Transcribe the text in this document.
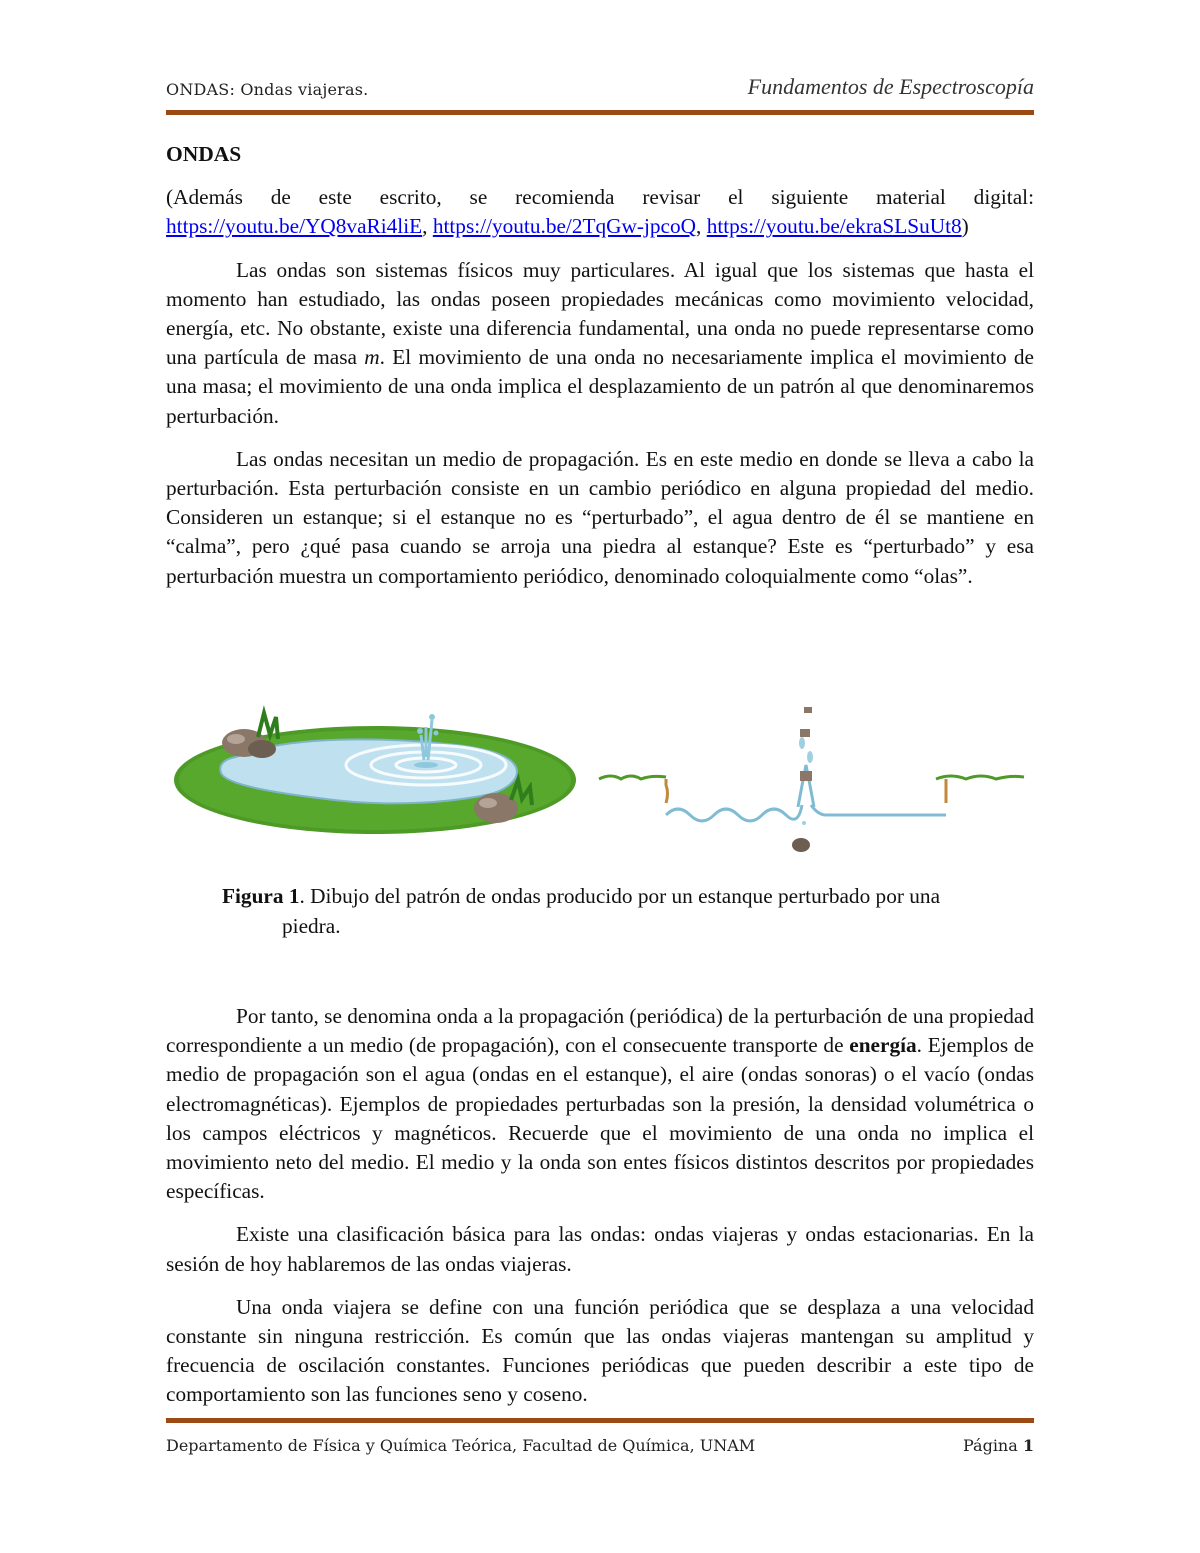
ONDAS: Ondas viajeras.	Fundamentos de Espectroscopía
ONDAS

(Además de este escrito, se recomienda revisar el siguiente material digital: https://youtu.be/YQ8vaRi4liE, https://youtu.be/2TqGw-jpcoQ, https://youtu.be/ekraSLSuUt8)

Las ondas son sistemas físicos muy particulares. Al igual que los sistemas que hasta el momento han estudiado, las ondas poseen propiedades mecánicas como movimiento velocidad, energía, etc. No obstante, existe una diferencia fundamental, una onda no puede representarse como una partícula de masa m. El movimiento de una onda no necesariamente implica el movimiento de una masa; el movimiento de una onda implica el desplazamiento de un patrón al que denominaremos perturbación.

Las ondas necesitan un medio de propagación. Es en este medio en donde se lleva a cabo la perturbación. Esta perturbación consiste en un cambio periódico en alguna propiedad del medio. Consideren un estanque; si el estanque no es “perturbado”, el agua dentro de él se mantiene en “calma”, pero ¿qué pasa cuando se arroja una piedra al estanque? Este es “perturbado” y esa perturbación muestra un comportamiento periódico, denominado coloquialmente como “olas”.

Figura 1. Dibujo del patrón de ondas producido por un estanque perturbado por una
piedra.

Por tanto, se denomina onda a la propagación (periódica) de la perturbación de una propiedad correspondiente a un medio (de propagación), con el consecuente transporte de energía. Ejemplos de medio de propagación son el agua (ondas en el estanque), el aire (ondas sonoras) o el vacío (ondas electromagnéticas). Ejemplos de propiedades perturbadas son la presión, la densidad volumétrica o los campos eléctricos y magnéticos. Recuerde que el movimiento de una onda no implica el movimiento neto del medio. El medio y la onda son entes físicos distintos descritos por propiedades específicas.

Existe una clasificación básica para las ondas: ondas viajeras y ondas estacionarias. En la sesión de hoy hablaremos de las ondas viajeras.

Una onda viajera se define con una función periódica que se desplaza a una velocidad constante sin ninguna restricción. Es común que las ondas viajeras mantengan su amplitud y frecuencia de oscilación constantes. Funciones periódicas que pueden describir a este tipo de comportamiento son las funciones seno y coseno.

Departamento de Física y Química Teórica, Facultad de Química, UNAM	Página 1
